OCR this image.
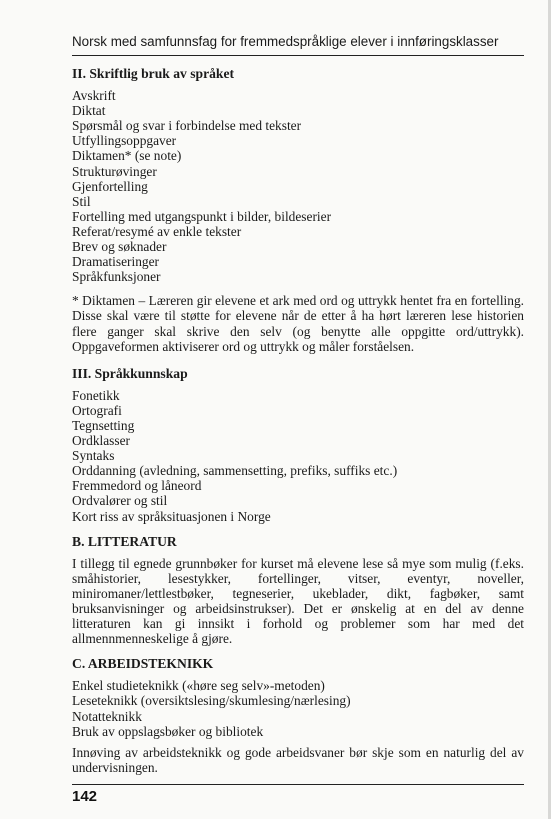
Norsk med samfunnsfag for fremmedspråklige elever i innføringsklasser
II. Skriftlig bruk av språket
Avskrift
Diktat
Spørsmål og svar i forbindelse med tekster
Utfyllingsoppgaver
Diktamen* (se note)
Strukturøvinger
Gjenfortelling
Stil
Fortelling med utgangspunkt i bilder, bildeserier
Referat/resymé av enkle tekster
Brev og søknader
Dramatiseringer
Språkfunksjoner

* Diktamen – Læreren gir elevene et ark med ord og uttrykk hentet fra en fortelling. Disse skal være til støtte for elevene når de etter å ha hørt læreren lese historien flere ganger skal skrive den selv (og benytte alle oppgitte ord/uttrykk). Oppgaveformen aktiviserer ord og uttrykk og måler forståelsen.

III. Språkkunnskap
Fonetikk
Ortografi
Tegnsetting
Ordklasser
Syntaks
Orddanning (avledning, sammensetting, prefiks, suffiks etc.)
Fremmedord og låneord
Ordvalører og stil
Kort riss av språksituasjonen i Norge
B. LITTERATUR

I tillegg til egnede grunnbøker for kurset må elevene lese så mye som mulig (f.eks. småhistorier, lesestykker, fortellinger, vitser, eventyr, noveller, miniromaner/lettlestbøker, tegneserier, ukeblader, dikt, fagbøker, samt bruksanvisninger og arbeidsinstrukser). Det er ønskelig at en del av denne litteraturen kan gi innsikt i forhold og problemer som har med det allmennmenneskelige å gjøre.

C. ARBEIDSTEKNIKK
Enkel studieteknikk («høre seg selv»-metoden)
Leseteknikk (oversiktslesing/skumlesing/nærlesing)
Notatteknikk
Bruk av oppslagsbøker og bibliotek

Innøving av arbeidsteknikk og gode arbeidsvaner bør skje som en naturlig del av undervisningen.

142
